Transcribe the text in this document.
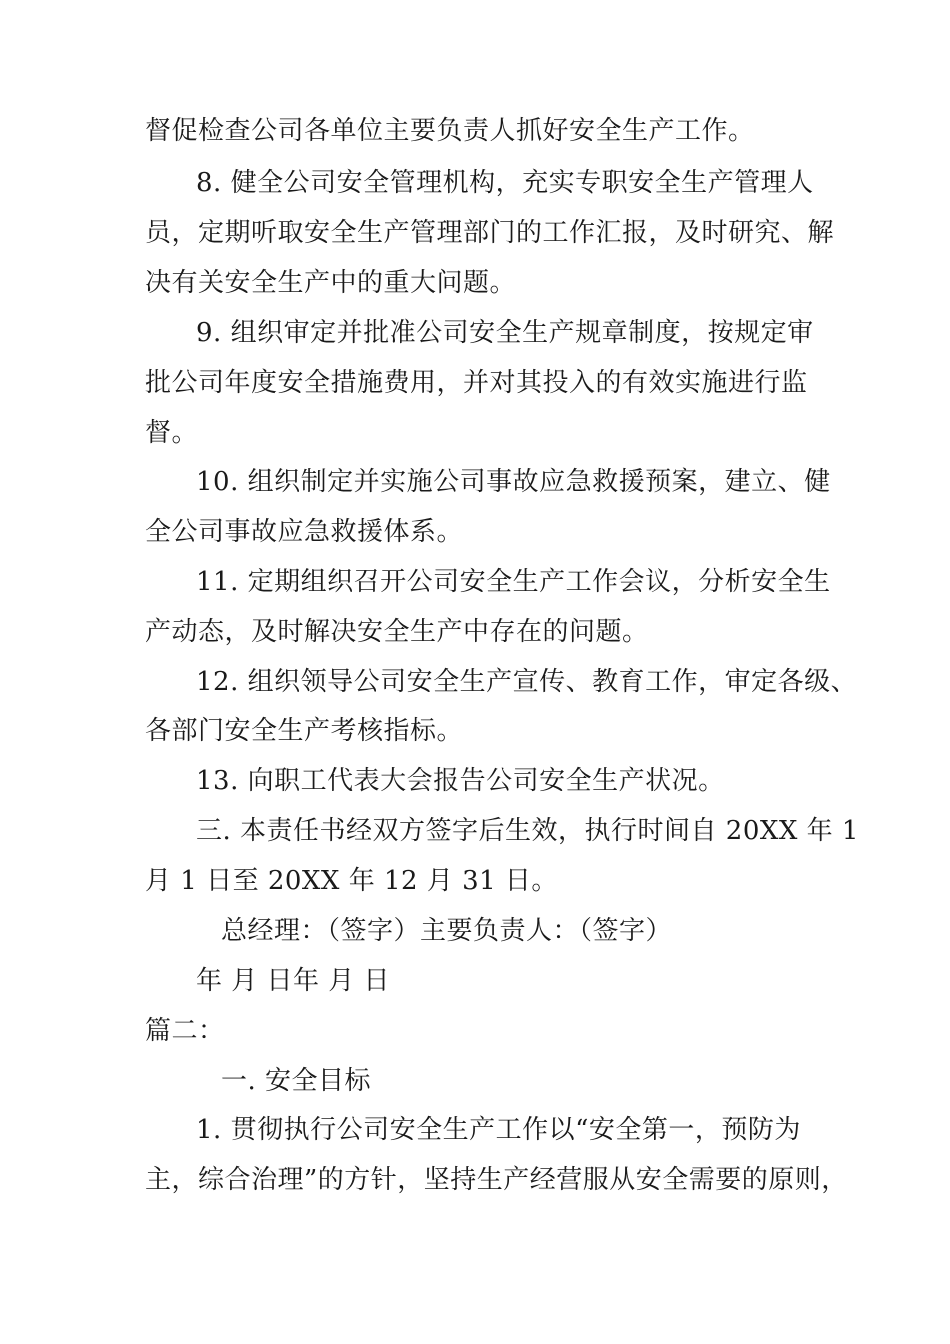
督促检查公司各单位主要负责人抓好安全生产工作。
8. 健全公司安全管理机构，充实专职安全生产管理人
员，定期听取安全生产管理部门的工作汇报，及时研究、解
决有关安全生产中的重大问题。
9. 组织审定并批准公司安全生产规章制度，按规定审
批公司年度安全措施费用，并对其投入的有效实施进行监
督。
10. 组织制定并实施公司事故应急救援预案，建立、健
全公司事故应急救援体系。
11. 定期组织召开公司安全生产工作会议，分析安全生
产动态，及时解决安全生产中存在的问题。
12. 组织领导公司安全生产宣传、教育工作，审定各级、
各部门安全生产考核指标。
13. 向职工代表大会报告公司安全生产状况。
三. 本责任书经双方签字后生效，执行时间自 20XX 年 1
月 1 日至 20XX 年 12 月 31 日。
总经理：（签字）主要负责人：（签字）
年 月 日年 月 日
篇二：
一. 安全目标
1. 贯彻执行公司安全生产工作以“安全第一，预防为
主，综合治理”的方针，坚持生产经营服从安全需要的原则，
